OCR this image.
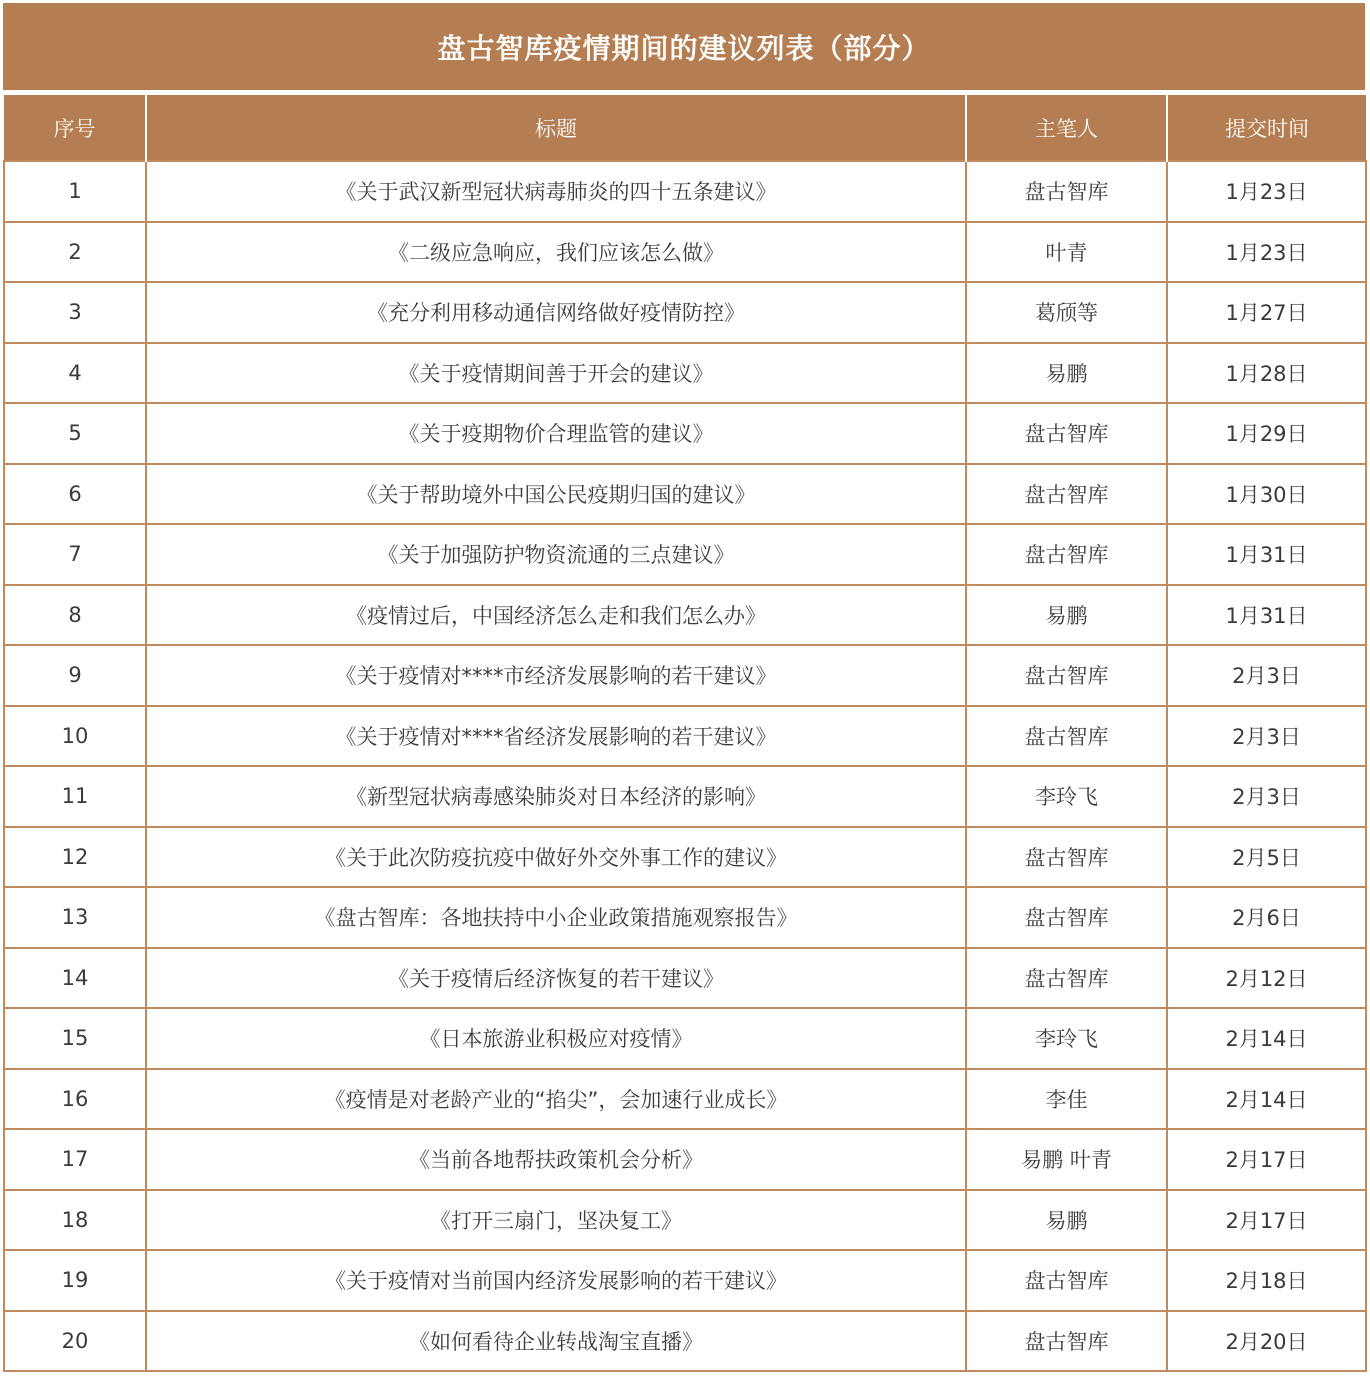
盘古智库疫情期间的建议列表（部分）
序号	标题	主笔人	提交时间
1	《关于武汉新型冠状病毒肺炎的四十五条建议》	盘古智库	1月23日
2	《二级应急响应，我们应该怎么做》	叶青	1月23日
3	《充分利用移动通信网络做好疫情防控》	葛颀等	1月27日
4	《关于疫情期间善于开会的建议》	易鹏	1月28日
5	《关于疫期物价合理监管的建议》	盘古智库	1月29日
6	《关于帮助境外中国公民疫期归国的建议》	盘古智库	1月30日
7	《关于加强防护物资流通的三点建议》	盘古智库	1月31日
8	《疫情过后，中国经济怎么走和我们怎么办》	易鹏	1月31日
9	《关于疫情对****市经济发展影响的若干建议》	盘古智库	2月3日
10	《关于疫情对****省经济发展影响的若干建议》	盘古智库	2月3日
11	《新型冠状病毒感染肺炎对日本经济的影响》	李玲飞	2月3日
12	《关于此次防疫抗疫中做好外交外事工作的建议》	盘古智库	2月5日
13	《盘古智库：各地扶持中小企业政策措施观察报告》	盘古智库	2月6日
14	《关于疫情后经济恢复的若干建议》	盘古智库	2月12日
15	《日本旅游业积极应对疫情》	李玲飞	2月14日
16	《疫情是对老龄产业的“掐尖”，会加速行业成长》	李佳	2月14日
17	《当前各地帮扶政策机会分析》	易鹏 叶青	2月17日
18	《打开三扇门，坚决复工》	易鹏	2月17日
19	《关于疫情对当前国内经济发展影响的若干建议》	盘古智库	2月18日
20	《如何看待企业转战淘宝直播》	盘古智库	2月20日
